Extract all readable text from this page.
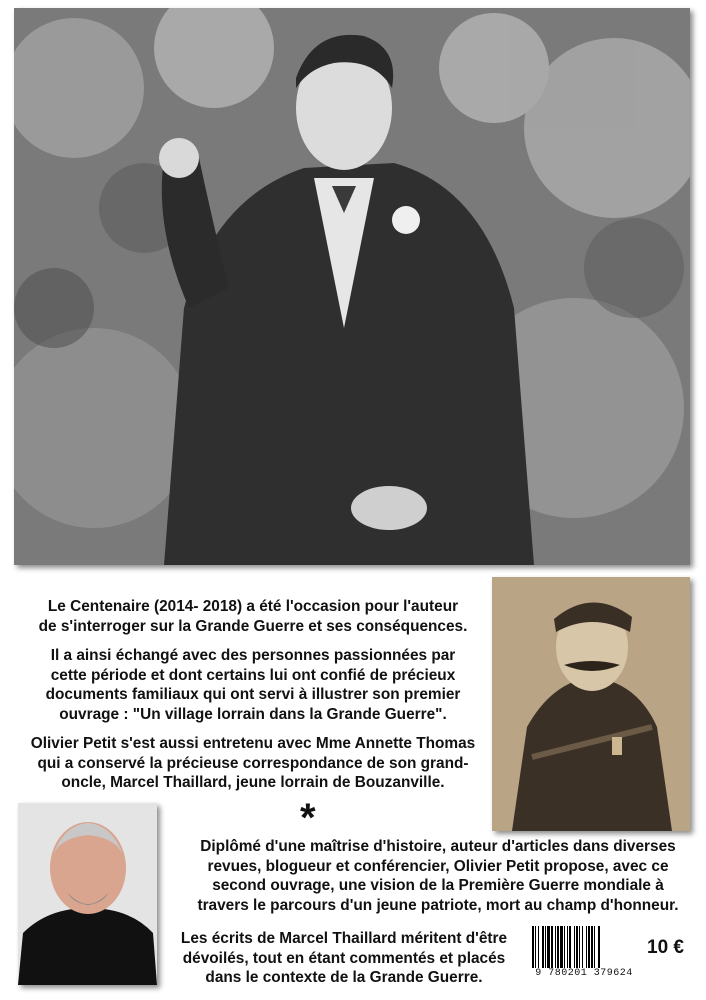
Le Centenaire (2014- 2018) a été l'occasion pour l'auteur

de s'interroger sur la Grande Guerre et ses conséquences.

Il a ainsi échangé avec des personnes passionnées par

cette période et dont certains lui ont confié de précieux

documents familiaux qui ont servi à illustrer son premier

ouvrage : "Un village lorrain dans la Grande Guerre".

Olivier Petit s'est aussi entretenu avec Mme Annette Thomas

qui a conservé la précieuse correspondance de son grand-

oncle, Marcel Thaillard, jeune lorrain de Bouzanville.

*

Diplômé d'une maîtrise d'histoire, auteur d'articles dans diverses

revues, blogueur et conférencier, Olivier Petit propose, avec ce

second ouvrage, une vision de la Première Guerre mondiale à

travers le parcours d'un jeune patriote, mort au champ d'honneur.

Les écrits de Marcel Thaillard méritent d'être

dévoilés, tout en étant commentés et placés

dans le contexte de la Grande Guerre.	9 780201 379624
10 €
